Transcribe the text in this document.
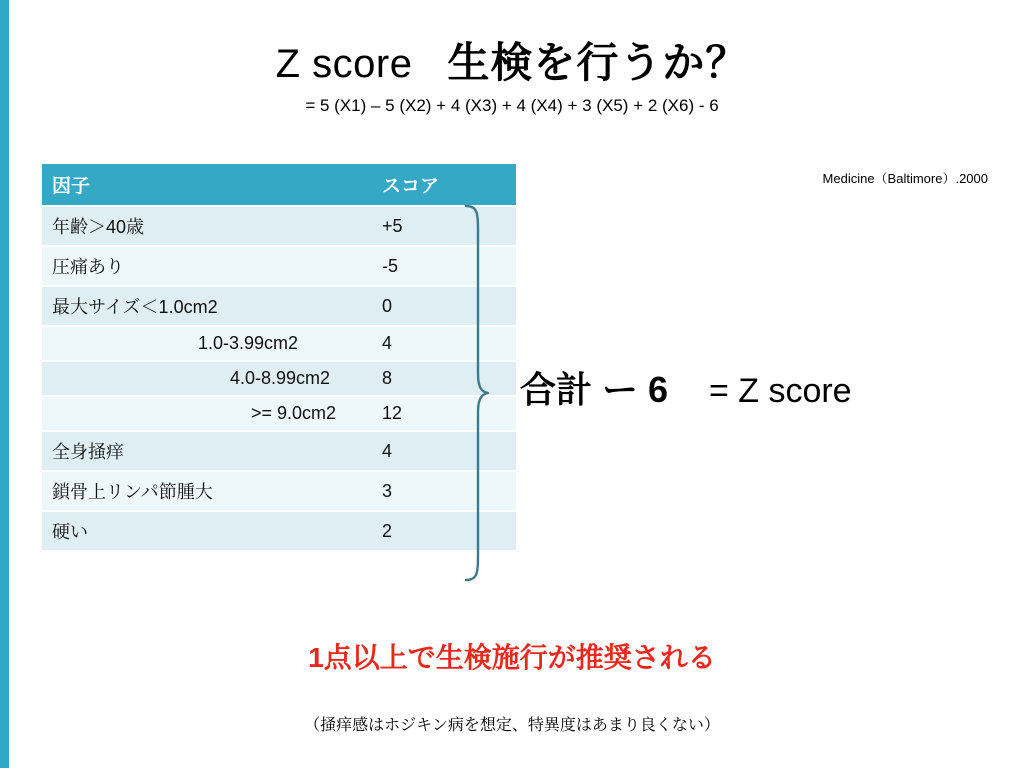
Z score 生検を行うか？
= 5 (X1) – 5 (X2) + 4 (X3) + 4 (X4) + 3 (X5) + 2 (X6) - 6
Medicine（Baltimore）.2000
因子	スコア
年齢＞40歳	+5
圧痛あり	-5
最大サイズ＜1.0cm2	0
1.0-3.99cm2	4
4.0-8.99cm2	8
>= 9.0cm2	12
全身掻痒	4
鎖骨上リンパ節腫大	3
硬い	2
合計 ー 6 = Z score
1点以上で生検施行が推奨される
（掻痒感はホジキン病を想定、特異度はあまり良くない）
